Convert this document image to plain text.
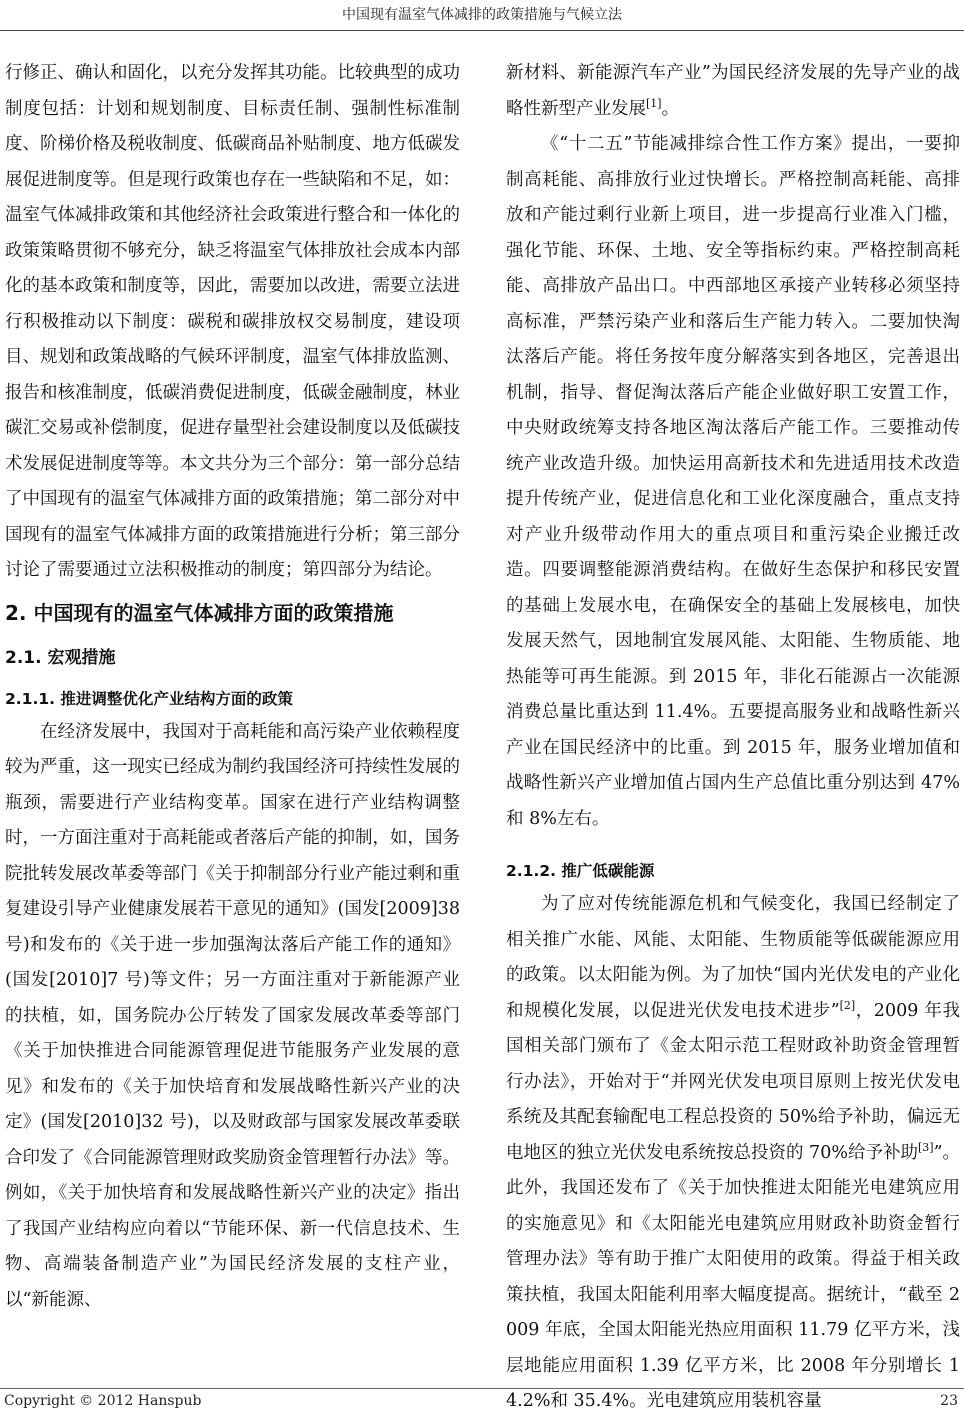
中国现有温室气体减排的政策措施与气候立法

行修正、确认和固化，以充分发挥其功能。比较典型的成功制度包括：计划和规划制度、目标责任制、强制性标准制度、阶梯价格及税收制度、低碳商品补贴制度、地方低碳发展促进制度等。但是现行政策也存在一些缺陷和不足，如：温室气体减排政策和其他经济社会政策进行整合和一体化的政策策略贯彻不够充分，缺乏将温室气体排放社会成本内部化的基本政策和制度等，因此，需要加以改进，需要立法进行积极推动以下制度：碳税和碳排放权交易制度，建设项目、规划和政策战略的气候环评制度，温室气体排放监测、报告和核准制度，低碳消费促进制度，低碳金融制度，林业碳汇交易或补偿制度，促进存量型社会建设制度以及低碳技术发展促进制度等等。本文共分为三个部分：第一部分总结了中国现有的温室气体减排方面的政策措施；第二部分对中国现有的温室气体减排方面的政策措施进行分析；第三部分讨论了需要通过立法积极推动的制度；第四部分为结论。

2. 中国现有的温室气体减排方面的政策措施
2.1. 宏观措施
2.1.1. 推进调整优化产业结构方面的政策

在经济发展中，我国对于高耗能和高污染产业依赖程度较为严重，这一现实已经成为制约我国经济可持续性发展的瓶颈，需要进行产业结构变革。国家在进行产业结构调整时，一方面注重对于高耗能或者落后产能的抑制，如，国务院批转发展改革委等部门《关于抑制部分行业产能过剩和重复建设引导产业健康发展若干意见的通知》(国发[2009]38 号)和发布的《关于进一步加强淘汰落后产能工作的通知》(国发[2010]7 号)等文件；另一方面注重对于新能源产业的扶植，如，国务院办公厅转发了国家发展改革委等部门《关于加快推进合同能源管理促进节能服务产业发展的意见》和发布的《关于加快培育和发展战略性新兴产业的决定》(国发[2010]32 号)，以及财政部与国家发展改革委联合印发了《合同能源管理财政奖励资金管理暂行办法》等。例如，《关于加快培育和发展战略性新兴产业的决定》指出了我国产业结构应向着以“节能环保、新一代信息技术、生物、高端装备制造产业”为国民经济发展的支柱产业，以“新能源、

新材料、新能源汽车产业”为国民经济发展的先导产业的战略性新型产业发展[1]。

《“十二五”节能减排综合性工作方案》提出，一要抑制高耗能、高排放行业过快增长。严格控制高耗能、高排放和产能过剩行业新上项目，进一步提高行业准入门槛，强化节能、环保、土地、安全等指标约束。严格控制高耗能、高排放产品出口。中西部地区承接产业转移必须坚持高标准，严禁污染产业和落后生产能力转入。二要加快淘汰落后产能。将任务按年度分解落实到各地区，完善退出机制，指导、督促淘汰落后产能企业做好职工安置工作，中央财政统筹支持各地区淘汰落后产能工作。三要推动传统产业改造升级。加快运用高新技术和先进适用技术改造提升传统产业，促进信息化和工业化深度融合，重点支持对产业升级带动作用大的重点项目和重污染企业搬迁改造。四要调整能源消费结构。在做好生态保护和移民安置的基础上发展水电，在确保安全的基础上发展核电，加快发展天然气，因地制宜发展风能、太阳能、生物质能、地热能等可再生能源。到 2015 年，非化石能源占一次能源消费总量比重达到 11.4%。五要提高服务业和战略性新兴产业在国民经济中的比重。到 2015 年，服务业增加值和战略性新兴产业增加值占国内生产总值比重分别达到 47%和 8%左右。

2.1.2. 推广低碳能源

为了应对传统能源危机和气候变化，我国已经制定了相关推广水能、风能、太阳能、生物质能等低碳能源应用的政策。以太阳能为例。为了加快“国内光伏发电的产业化和规模化发展，以促进光伏发电技术进步”[2]，2009 年我国相关部门颁布了《金太阳示范工程财政补助资金管理暂行办法》，开始对于“并网光伏发电项目原则上按光伏发电系统及其配套输配电工程总投资的 50%给予补助，偏远无电地区的独立光伏发电系统按总投资的 70%给予补助[3]”。此外，我国还发布了《关于加快推进太阳能光电建筑应用的实施意见》和《太阳能光电建筑应用财政补助资金暂行管理办法》等有助于推广太阳使用的政策。得益于相关政策扶植，我国太阳能利用率大幅度提高。据统计，“截至 2009 年底，全国太阳能光热应用面积 11.79 亿平方米，浅层地能应用面积 1.39 亿平方米，比 2008 年分别增长 14.2%和 35.4%。光电建筑应用装机容量

Copyright © 2012 Hanspub	23
